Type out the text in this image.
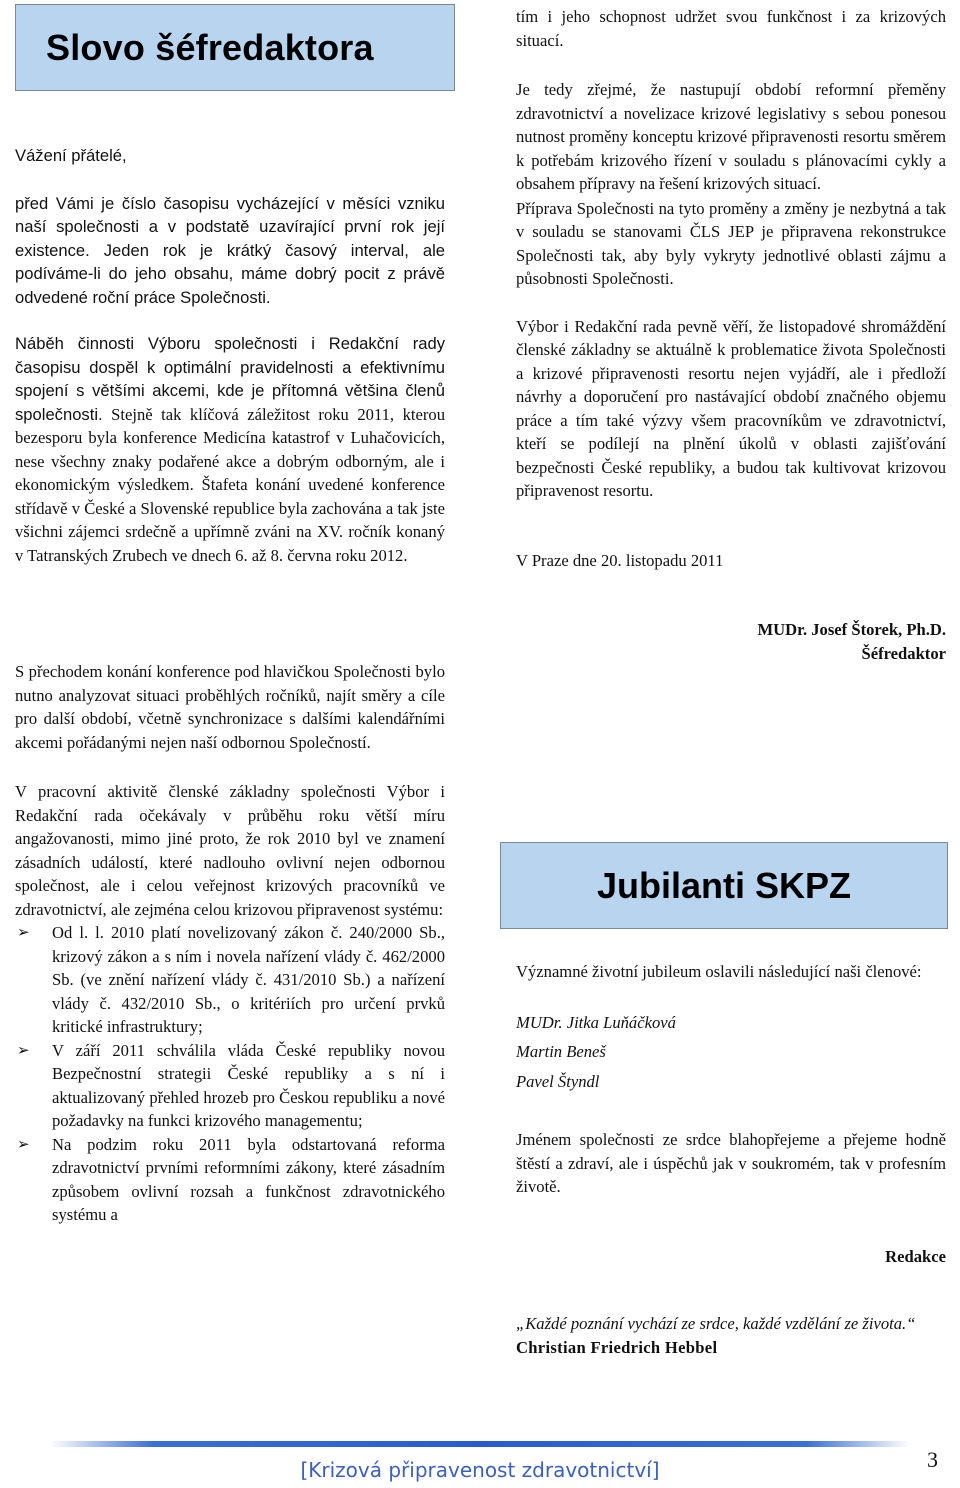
Slovo šéfredaktora

Vážení přátelé,

před Vámi je číslo časopisu vycházející v měsíci vzniku naší společnosti a v podstatě uzavírající první rok její existence. Jeden rok je krátký časový interval, ale podíváme-li do jeho obsahu, máme dobrý pocit z právě odvedené roční práce Společnosti.

Náběh činnosti Výboru společnosti i Redakční rady časopisu dospěl k optimální pravidelnosti a efektivnímu spojení s většími akcemi, kde je přítomná většina členů společnosti. Stejně tak klíčová záležitost roku 2011, kterou bezesporu byla konference Medicína katastrof v Luhačovicích, nese všechny znaky podařené akce a dobrým odborným, ale i ekonomickým výsledkem. Štafeta konání uvedené konference střídavě v České a Slovenské republice byla zachována a tak jste všichni zájemci srdečně a upřímně zváni na XV. ročník konaný v Tatranských Zrubech ve dnech 6. až 8. června roku 2012.

S přechodem konání konference pod hlavičkou Společnosti bylo nutno analyzovat situaci proběhlých ročníků, najít směry a cíle pro další období, včetně synchronizace s dalšími kalendářními akcemi pořádanými nejen naší odbornou Společností.

V pracovní aktivitě členské základny společnosti Výbor i Redakční rada očekávaly v průběhu roku větší míru angažovanosti, mimo jiné proto, že rok 2010 byl ve znamení zásadních událostí, které nadlouho ovlivní nejen odbornou společnost, ale i celou veřejnost krizových pracovníků ve zdravotnictví, ale zejména celou krizovou připravenost systému:

➢ Od l. l. 2010 platí novelizovaný zákon č. 240/2000 Sb., krizový zákon a s ním i novela nařízení vlády č. 462/2000 Sb. (ve znění nařízení vlády č. 431/2010 Sb.) a nařízení vlády č. 432/2010 Sb., o kritériích pro určení prvků kritické infrastruktury;
➢ V září 2011 schválila vláda České republiky novou Bezpečnostní strategii České republiky a s ní i aktualizovaný přehled hrozeb pro Českou republiku a nové požadavky na funkci krizového managementu;
➢ Na podzim roku 2011 byla odstartovaná reforma zdravotnictví prvními reformními zákony, které zásadním způsobem ovlivní rozsah a funkčnost zdravotnického systému a

tím i jeho schopnost udržet svou funkčnost i za krizových situací.

Je tedy zřejmé, že nastupují období reformní přeměny zdravotnictví a novelizace krizové legislativy s sebou ponesou nutnost proměny konceptu krizové připravenosti resortu směrem k potřebám krizového řízení v souladu s plánovacími cykly a obsahem přípravy na řešení krizových situací.

Příprava Společnosti na tyto proměny a změny je nezbytná a tak v souladu se stanovami ČLS JEP je připravena rekonstrukce Společnosti tak, aby byly vykryty jednotlivé oblasti zájmu a působnosti Společnosti.

Výbor i Redakční rada pevně věří, že listopadové shromáždění členské základny se aktuálně k problematice života Společnosti a krizové připravenosti resortu nejen vyjádří, ale i předloží návrhy a doporučení pro nastávající období značného objemu práce a tím také výzvy všem pracovníkům ve zdravotnictví, kteří se podílejí na plnění úkolů v oblasti zajišťování bezpečnosti České republiky, a budou tak kultivovat krizovou připravenost resortu.

V Praze dne 20. listopadu 2011

MUDr. Josef Štorek, Ph.D.

Šéfredaktor

Jubilanti SKPZ

Významné životní jubileum oslavili následující naši členové:

MUDr. Jitka Luňáčková

Martin Beneš

Pavel Štyndl

Jménem společnosti ze srdce blahopřejeme a přejeme hodně štěstí a zdraví, ale i úspěchů jak v soukromém, tak v profesním životě.

Redakce

„Každé poznání vychází ze srdce, každé vzdělání ze života.“Christian Friedrich Hebbel

[Krizová připravenost zdravotnictví]	3
